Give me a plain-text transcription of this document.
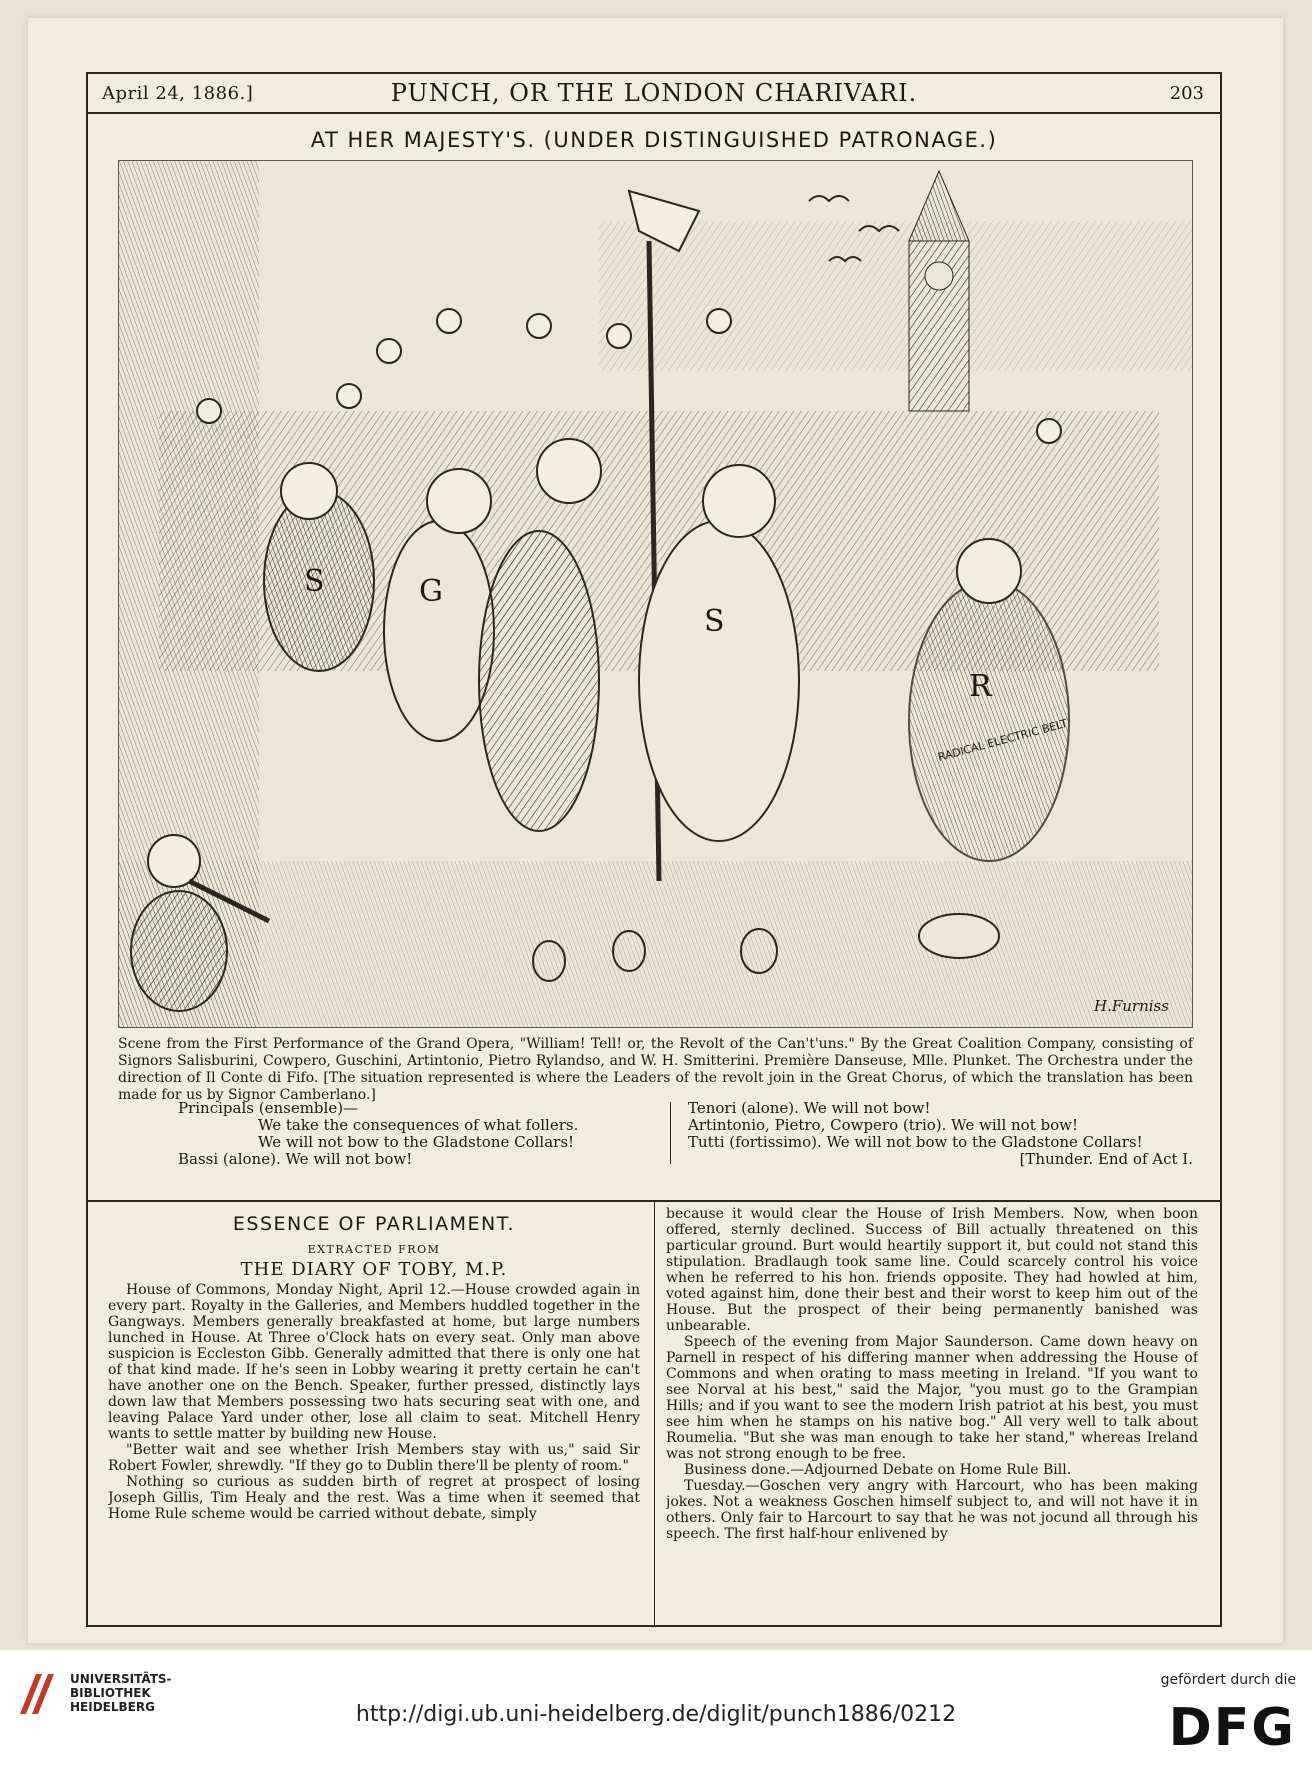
April 24, 1886.]	PUNCH, OR THE LONDON CHARIVARI.	203
AT HER MAJESTY'S. (UNDER DISTINGUISHED PATRONAGE.)
S	G
S
R
RADICAL ELECTRIC BELT
H.Furniss
Scene from the First Performance of the Grand Opera, "William! Tell! or, the Revolt of the Can't'uns." By the Great Coalition Company, consisting of Signors Salisburini, Cowpero, Guschini, Artintonio, Pietro Rylandso, and W. H. Smitterini. Première Danseuse, Mlle. Plunket. The Orchestra under the direction of Il Conte di Fifo. [The situation represented is where the Leaders of the revolt join in the Great Chorus, of which the translation has been made for us by Signor Camberlano.]
Principals (ensemble)—
We take the consequences of what follers.
We will not bow to the Gladstone Collars!
Bassi (alone). We will not bow!
Tenori (alone). We will not bow!
Artintonio, Pietro, Cowpero (trio). We will not bow!
Tutti (fortissimo). We will not bow to the Gladstone Collars!
[Thunder. End of Act I.
ESSENCE OF PARLIAMENT.
EXTRACTED FROM
THE DIARY OF TOBY, M.P.

House of Commons, Monday Night, April 12.—House crowded again in every part. Royalty in the Galleries, and Members huddled together in the Gangways. Members generally breakfasted at home, but large numbers lunched in House. At Three o'Clock hats on every seat. Only man above suspicion is Eccleston Gibb. Generally admitted that there is only one hat of that kind made. If he's seen in Lobby wearing it pretty certain he can't have another one on the Bench. Speaker, further pressed, distinctly lays down law that Members possessing two hats securing seat with one, and leaving Palace Yard under other, lose all claim to seat. Mitchell Henry wants to settle matter by building new House.

"Better wait and see whether Irish Members stay with us," said Sir Robert Fowler, shrewdly. "If they go to Dublin there'll be plenty of room."

Nothing so curious as sudden birth of regret at prospect of losing Joseph Gillis, Tim Healy and the rest. Was a time when it seemed that Home Rule scheme would be carried without debate, simply

because it would clear the House of Irish Members. Now, when boon offered, sternly declined. Success of Bill actually threatened on this particular ground. Burt would heartily support it, but could not stand this stipulation. Bradlaugh took same line. Could scarcely control his voice when he referred to his hon. friends opposite. They had howled at him, voted against him, done their best and their worst to keep him out of the House. But the prospect of their being permanently banished was unbearable.

Speech of the evening from Major Saunderson. Came down heavy on Parnell in respect of his differing manner when addressing the House of Commons and when orating to mass meeting in Ireland. "If you want to see Norval at his best," said the Major, "you must go to the Grampian Hills; and if you want to see the modern Irish patriot at his best, you must see him when he stamps on his native bog." All very well to talk about Roumelia. "But she was man enough to take her stand," whereas Ireland was not strong enough to be free.

Business done.—Adjourned Debate on Home Rule Bill.

Tuesday.—Goschen very angry with Harcourt, who has been making jokes. Not a weakness Goschen himself subject to, and will not have it in others. Only fair to Harcourt to say that he was not jocund all through his speech. The first half-hour enlivened by

UNIVERSITÄTS-
BIBLIOTHEK
HEIDELBERG	http://digi.ub.uni-heidelberg.de/diglit/punch1886/0212
gefördert durch die
DFG
